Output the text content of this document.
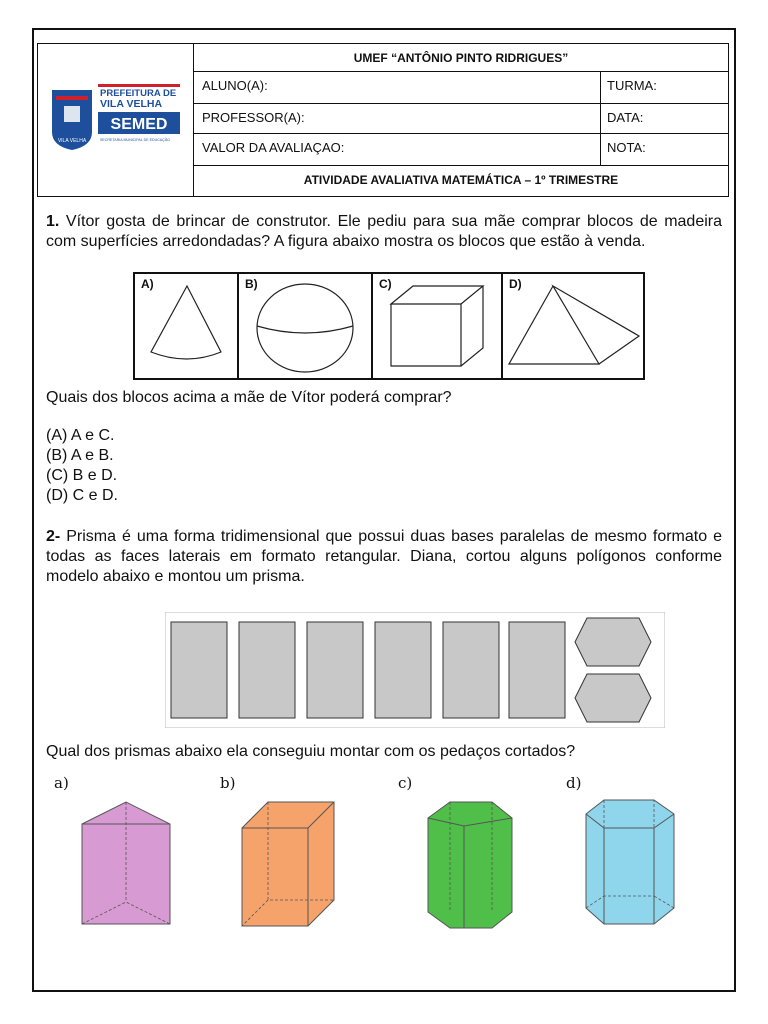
VILA VELHA
PREFEITURA DE
VILA VELHA
SEMED
SECRETARIA MUNICIPAL DE EDUCAÇÃO
UMEF “ANTÔNIO PINTO RIDRIGUES”
ALUNO(A):	TURMA:
PROFESSOR(A):	DATA:
VALOR DA AVALIAÇAO:	NOTA:
ATIVIDADE AVALIATIVA MATEMÁTICA – 1º TRIMESTRE
1. Vítor gosta de brincar de construtor. Ele pediu para sua mãe comprar blocos de madeira com superfícies arredondadas? A figura abaixo mostra os blocos que estão à venda.
A)	B)	C)	D)
Quais dos blocos acima a mãe de Vítor poderá comprar?
(A) A e C.
(B) A e B.
(C) B e D.
(D) C e D.
2- Prisma é uma forma tridimensional que possui duas bases paralelas de mesmo formato e todas as faces laterais em formato retangular. Diana, cortou alguns polígonos conforme modelo abaixo e montou um prisma.
Qual dos prismas abaixo ela conseguiu montar com os pedaços cortados?
a)	b)	c)	d)
